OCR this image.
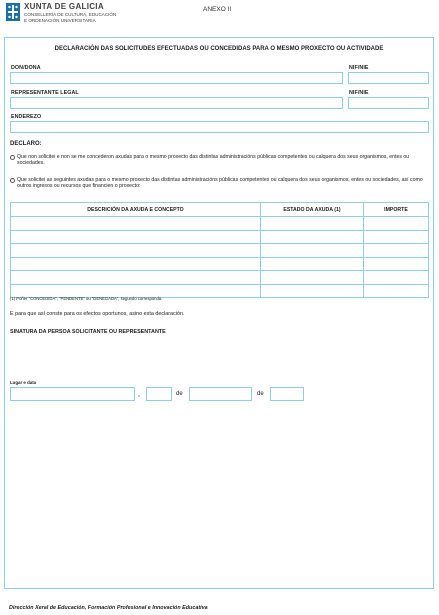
XUNTA DE GALICIA
CONSELLERÍA DE CULTURA, EDUCACIÓN
E ORDENACIÓN UNIVERSITARIA
ANEXO II
DECLARACIÓN DAS SOLICITUDES EFECTUADAS OU CONCEDIDAS PARA O MESMO PROXECTO OU ACTIVIDADE
DON/DONA	NIF/NIE
REPRESENTANTE LEGAL	NIF/NIE
ENDEREZO
DECLARO:
Que non solicitei e non se me concederon axudas para o mesmo proxecto das distintas administracións públicas competentes ou calquera dos seus organismos, entes ou sociedades.
Que solicitei as seguintes axudas para o mesmo proxecto das distintas administracións públicas competentes ou calquera dos seus organismos, entes ou sociedades, así como outros ingresos ou recursos que financien o proxecto:
DESCRICIÓN DA AXUDA E CONCEPTO	ESTADO DA AXUDA (1)	IMPORTE

(1) Poñer "CONCEDIDA", "PENDENTE" ou "DENEGADA", segundo corresponda.
E para que así conste para os efectos oportunos, asino esta declaración.
SINATURA DA PERSOA SOLICITANTE OU REPRESENTANTE
Lugar e data
,	de	de
Dirección Xeral de Educación, Formación Profesional e Innovación Educativa
